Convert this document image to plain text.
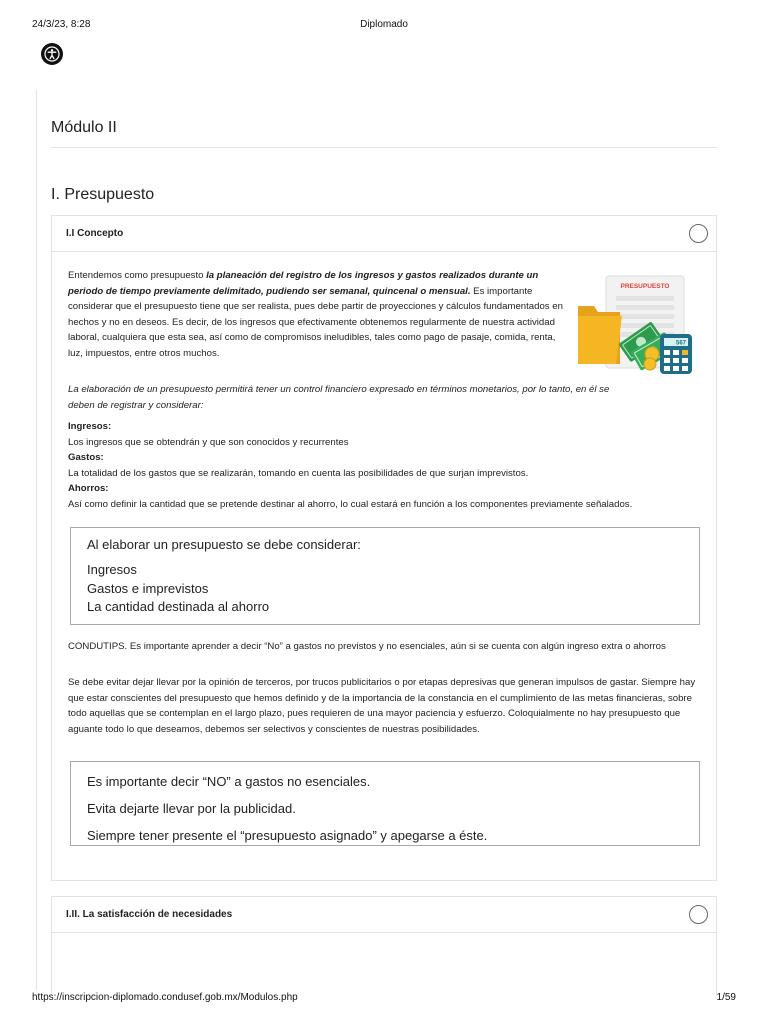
24/3/23, 8:28	Diplomado
Módulo II
I. Presupuesto
I.I Concepto
Entendemos como presupuesto la planeación del registro de los ingresos y gastos realizados durante un periodo de tiempo previamente delimitado, pudiendo ser semanal, quincenal o mensual. Es importante considerar que el presupuesto tiene que ser realista, pues debe partir de proyecciones y cálculos fundamentados en hechos y no en deseos. Es decir, de los ingresos que efectivamente obtenemos regularmente de nuestra actividad laboral, cualquiera que esta sea, así como de compromisos ineludibles, tales como pago de pasaje, comida, renta, luz, impuestos, entre otros muchos.
PRESUPUESTO
567
La elaboración de un presupuesto permitirá tener un control financiero expresado en términos monetarios, por lo tanto, en él se deben de registrar y considerar:
Ingresos:
Los ingresos que se obtendrán y que son conocidos y recurrentes
Gastos:
La totalidad de los gastos que se realizarán, tomando en cuenta las posibilidades de que surjan imprevistos.
Ahorros:
Así como definir la cantidad que se pretende destinar al ahorro, lo cual estará en función a los componentes previamente señalados.
Al elaborar un presupuesto se debe considerar:
Ingresos
Gastos e imprevistos
La cantidad destinada al ahorro
CONDUTIPS. Es importante aprender a decir “No” a gastos no previstos y no esenciales, aún si se cuenta con algún ingreso extra o ahorros
Se debe evitar dejar llevar por la opinión de terceros, por trucos publicitarios o por etapas depresivas que generan impulsos de gastar. Siempre hay que estar conscientes del presupuesto que hemos definido y de la importancia de la constancia en el cumplimiento de las metas financieras, sobre todo aquellas que se contemplan en el largo plazo, pues requieren de una mayor paciencia y esfuerzo. Coloquialmente no hay presupuesto que aguante todo lo que deseamos, debemos ser selectivos y conscientes de nuestras posibilidades.
Es importante decir “NO” a gastos no esenciales.
Evita dejarte llevar por la publicidad.
Siempre tener presente el “presupuesto asignado” y apegarse a éste.
I.II. La satisfacción de necesidades
https://inscripcion-diplomado.condusef.gob.mx/Modulos.php	1/59
